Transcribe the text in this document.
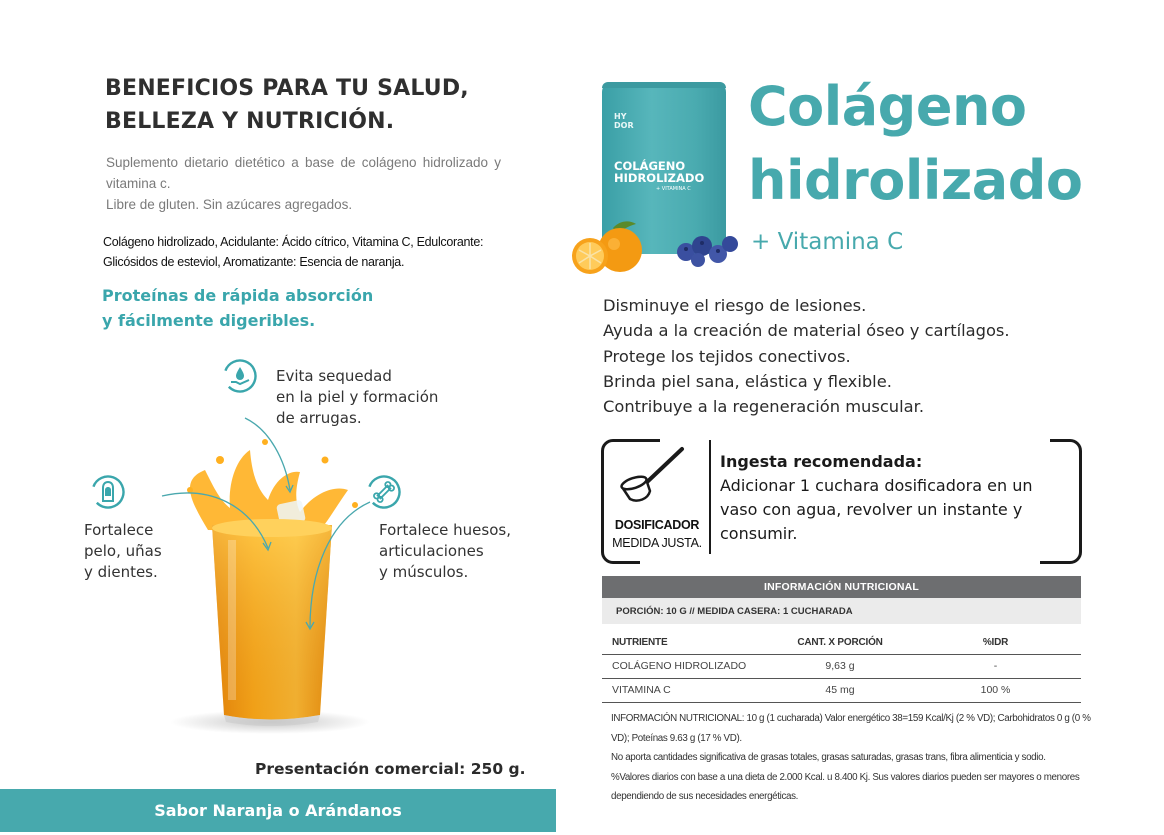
BENEFICIOS PARA TU SALUD,
BELLEZA Y NUTRICIÓN.
Suplemento dietario dietético a base de colágeno hidrolizado y vitamina c.
Libre de gluten. Sin azúcares agregados.
Colágeno hidrolizado, Acidulante: Ácido cítrico, Vitamina C, Edulcorante: Glicósidos de esteviol, Aromatizante: Esencia de naranja.
Proteínas de rápida absorción
y fácilmente digeribles.
Evita sequedad
en la piel y formación
de arrugas.
Fortalece
pelo, uñas
y dientes.
Fortalece huesos,
articulaciones
y músculos.
Presentación comercial: 250 g.
Sabor Naranja o Arándanos
HY
DOR
COLÁGENO
HIDROLIZADO
+ VITAMINA C
Colágeno
hidrolizado
+ Vitamina C
Disminuye el riesgo de lesiones.
Ayuda a la creación de material óseo y cartílagos.
Protege los tejidos conectivos.
Brinda piel sana, elástica y flexible.
Contribuye a la regeneración muscular.
DOSIFICADOR
MEDIDA JUSTA.
Ingesta recomendada:
Adicionar 1 cuchara dosificadora en un vaso con agua, revolver un instante y consumir.
INFORMACIÓN NUTRICIONAL
PORCIÓN: 10 G // MEDIDA CASERA: 1 CUCHARADA
NUTRIENTE	CANT. X PORCIÓN	%IDR
COLÁGENO HIDROLIZADO	9,63 g	-
VITAMINA C	45 mg	100 %
INFORMACIÓN NUTRICIONAL: 10 g (1 cucharada) Valor energético 38=159 Kcal/Kj (2 % VD); Carbohidratos 0 g (0 % VD); Poteínas 9.63 g (17 % VD).
No aporta cantidades significativa de grasas totales, grasas saturadas, grasas trans, fibra alimenticia y sodio.
%Valores diarios con base a una dieta de 2.000 Kcal. u 8.400 Kj. Sus valores diarios pueden ser mayores o menores dependiendo de sus necesidades energéticas.
